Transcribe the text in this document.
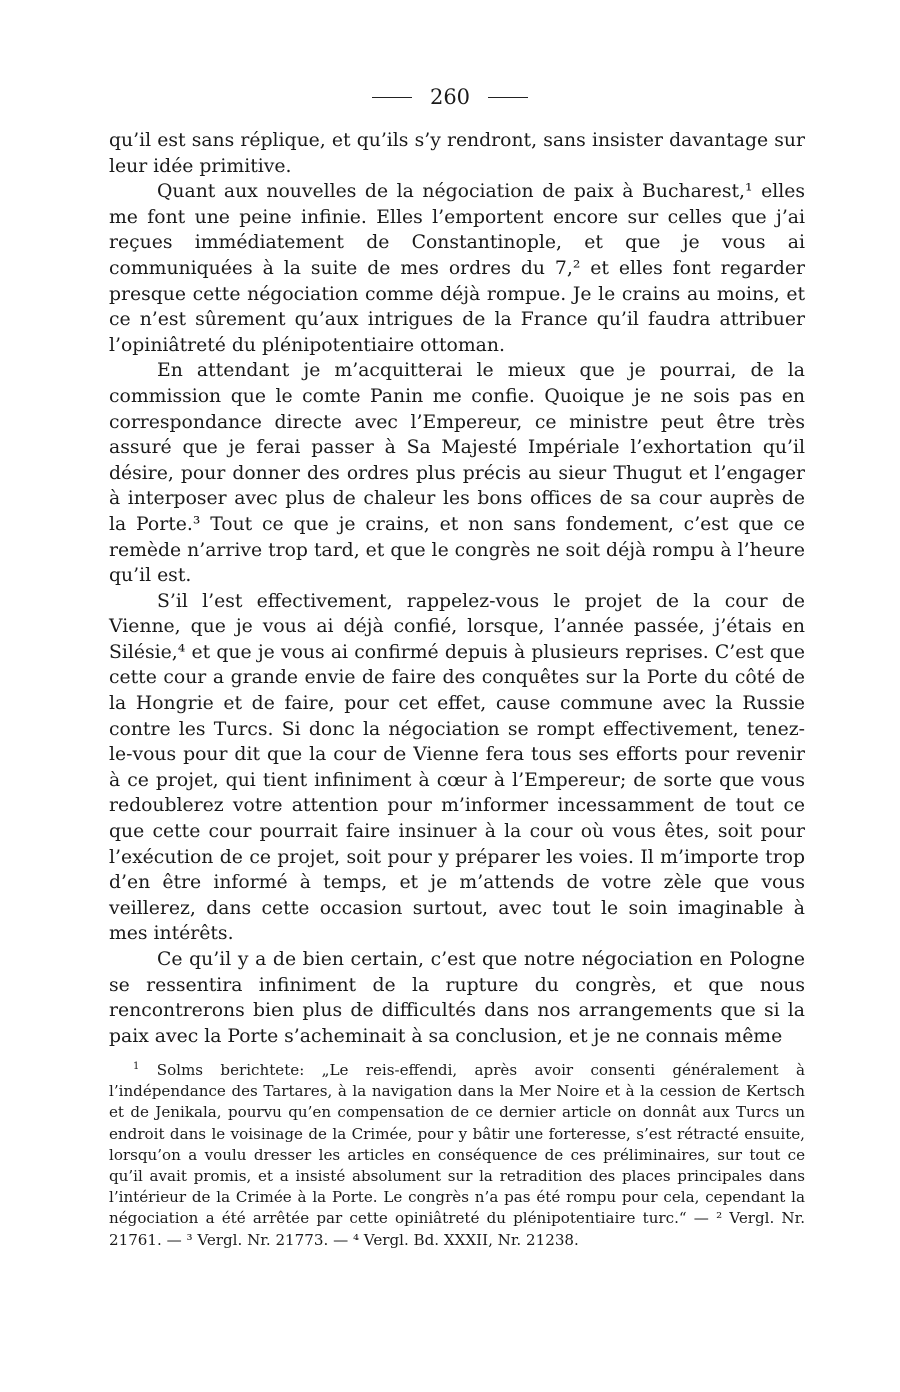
260

qu’il est sans réplique, et qu’ils s’y rendront, sans insister davantage sur leur idée primitive.

Quant aux nouvelles de la négociation de paix à Bucharest,¹ elles me font une peine infinie. Elles l’emportent encore sur celles que j’ai reçues immédiatement de Constantinople, et que je vous ai communiquées à la suite de mes ordres du 7,² et elles font regarder presque cette négociation comme déjà rompue. Je le crains au moins, et ce n’est sûrement qu’aux intrigues de la France qu’il faudra attribuer l’opiniâtreté du plénipotentiaire ottoman.

En attendant je m’acquitterai le mieux que je pourrai, de la commission que le comte Panin me confie. Quoique je ne sois pas en correspondance directe avec l’Empereur, ce ministre peut être très assuré que je ferai passer à Sa Majesté Impériale l’exhortation qu’il désire, pour donner des ordres plus précis au sieur Thugut et l’engager à interposer avec plus de chaleur les bons offices de sa cour auprès de la Porte.³ Tout ce que je crains, et non sans fondement, c’est que ce remède n’arrive trop tard, et que le congrès ne soit déjà rompu à l’heure qu’il est.

S’il l’est effectivement, rappelez-vous le projet de la cour de Vienne, que je vous ai déjà confié, lorsque, l’année passée, j’étais en Silésie,⁴ et que je vous ai confirmé depuis à plusieurs reprises. C’est que cette cour a grande envie de faire des conquêtes sur la Porte du côté de la Hongrie et de faire, pour cet effet, cause commune avec la Russie contre les Turcs. Si donc la négociation se rompt effectivement, tenez-le-vous pour dit que la cour de Vienne fera tous ses efforts pour revenir à ce projet, qui tient infiniment à cœur à l’Empereur; de sorte que vous redoublerez votre attention pour m’informer incessamment de tout ce que cette cour pourrait faire insinuer à la cour où vous êtes, soit pour l’exécution de ce projet, soit pour y préparer les voies. Il m’importe trop d’en être informé à temps, et je m’attends de votre zèle que vous veillerez, dans cette occasion surtout, avec tout le soin imaginable à mes intérêts.

Ce qu’il y a de bien certain, c’est que notre négociation en Pologne se ressentira infiniment de la rupture du congrès, et que nous rencontrerons bien plus de difficultés dans nos arrangements que si la paix avec la Porte s’acheminait à sa conclusion, et je ne connais même

$^1$ Solms berichtete: „Le reis-effendi, après avoir consenti généralement à l’indépendance des Tartares, à la navigation dans la Mer Noire et à la cession de Kertsch et de Jenikala, pourvu qu’en compensation de ce dernier article on donnât aux Turcs un endroit dans le voisinage de la Crimée, pour y bâtir une forteresse, s’est rétracté ensuite, lorsqu’on a voulu dresser les articles en conséquence de ces préliminaires, sur tout ce qu’il avait promis, et a insisté absolument sur la retradition des places principales dans l’intérieur de la Crimée à la Porte. Le congrès n’a pas été rompu pour cela, cependant la négociation a été arrêtée par cette opiniâtreté du plénipotentiaire turc.“ — ² Vergl. Nr. 21761. — ³ Vergl. Nr. 21773. — ⁴ Vergl. Bd. XXXII, Nr. 21238.
